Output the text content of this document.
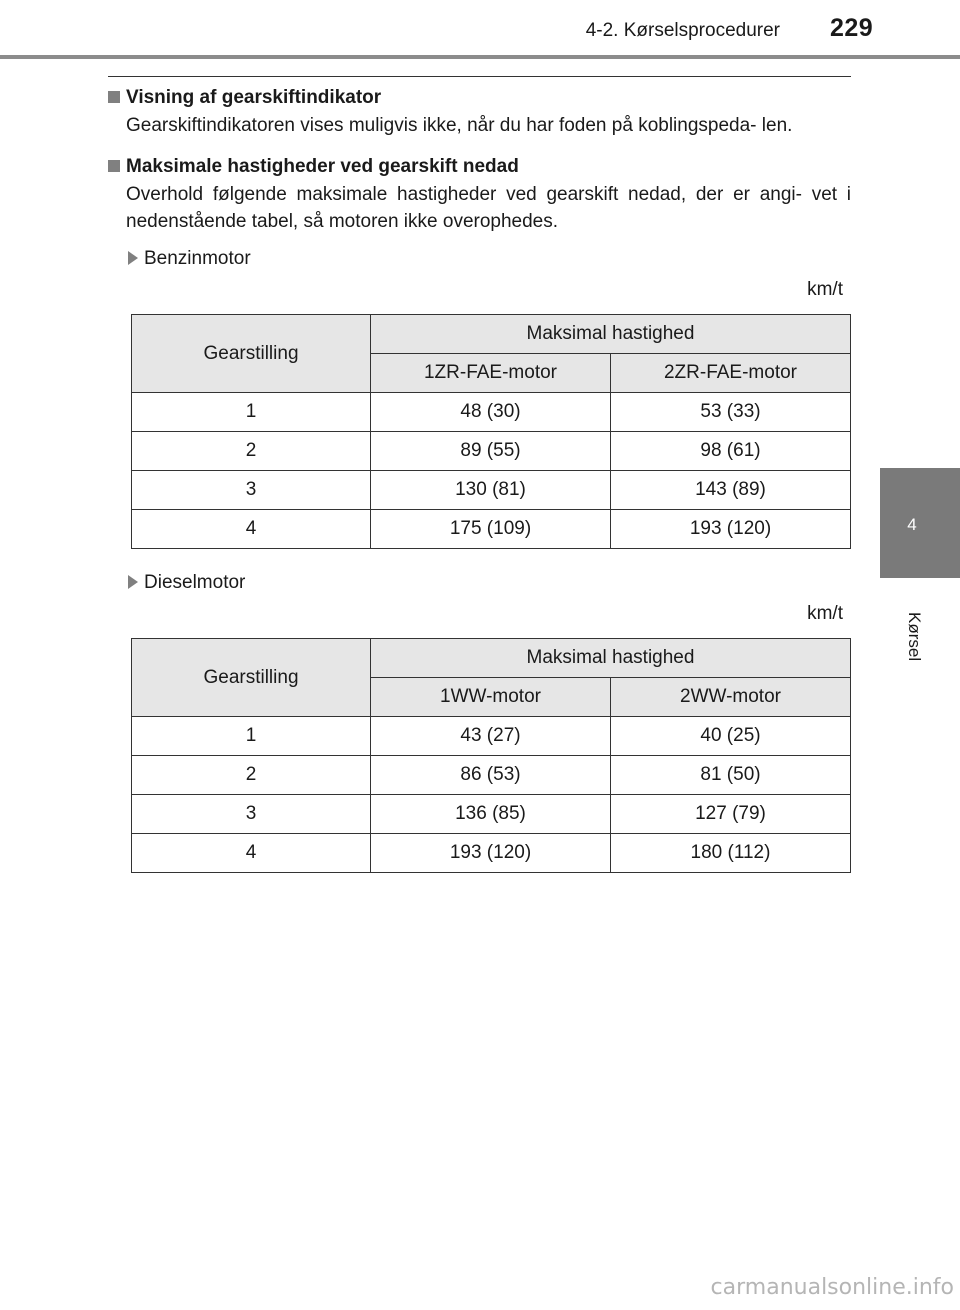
4-2. Kørselsprocedurer 229
4
Kørsel
Visning af gearskiftindikator
Gearskiftindikatoren vises muligvis ikke, når du har foden på koblingspeda- len.
Maksimale hastigheder ved gearskift nedad
Overhold følgende maksimale hastigheder ved gearskift nedad, der er angi- vet i nedenstående tabel, så motoren ikke overophedes.
Benzinmotor
km/t
Gearstilling	Maksimal hastighed	
	1ZR-FAE-motor	2ZR-FAE-motor
1	48 (30)	53 (33)
2	89 (55)	98 (61)
3	130 (81)	143 (89)
4	175 (109)	193 (120)
Dieselmotor
km/t
Gearstilling	Maksimal hastighed	
	1WW-motor	2WW-motor
1	43 (27)	40 (25)
2	86 (53)	81 (50)
3	136 (85)	127 (79)
4	193 (120)	180 (112)
carmanualsonline.info
